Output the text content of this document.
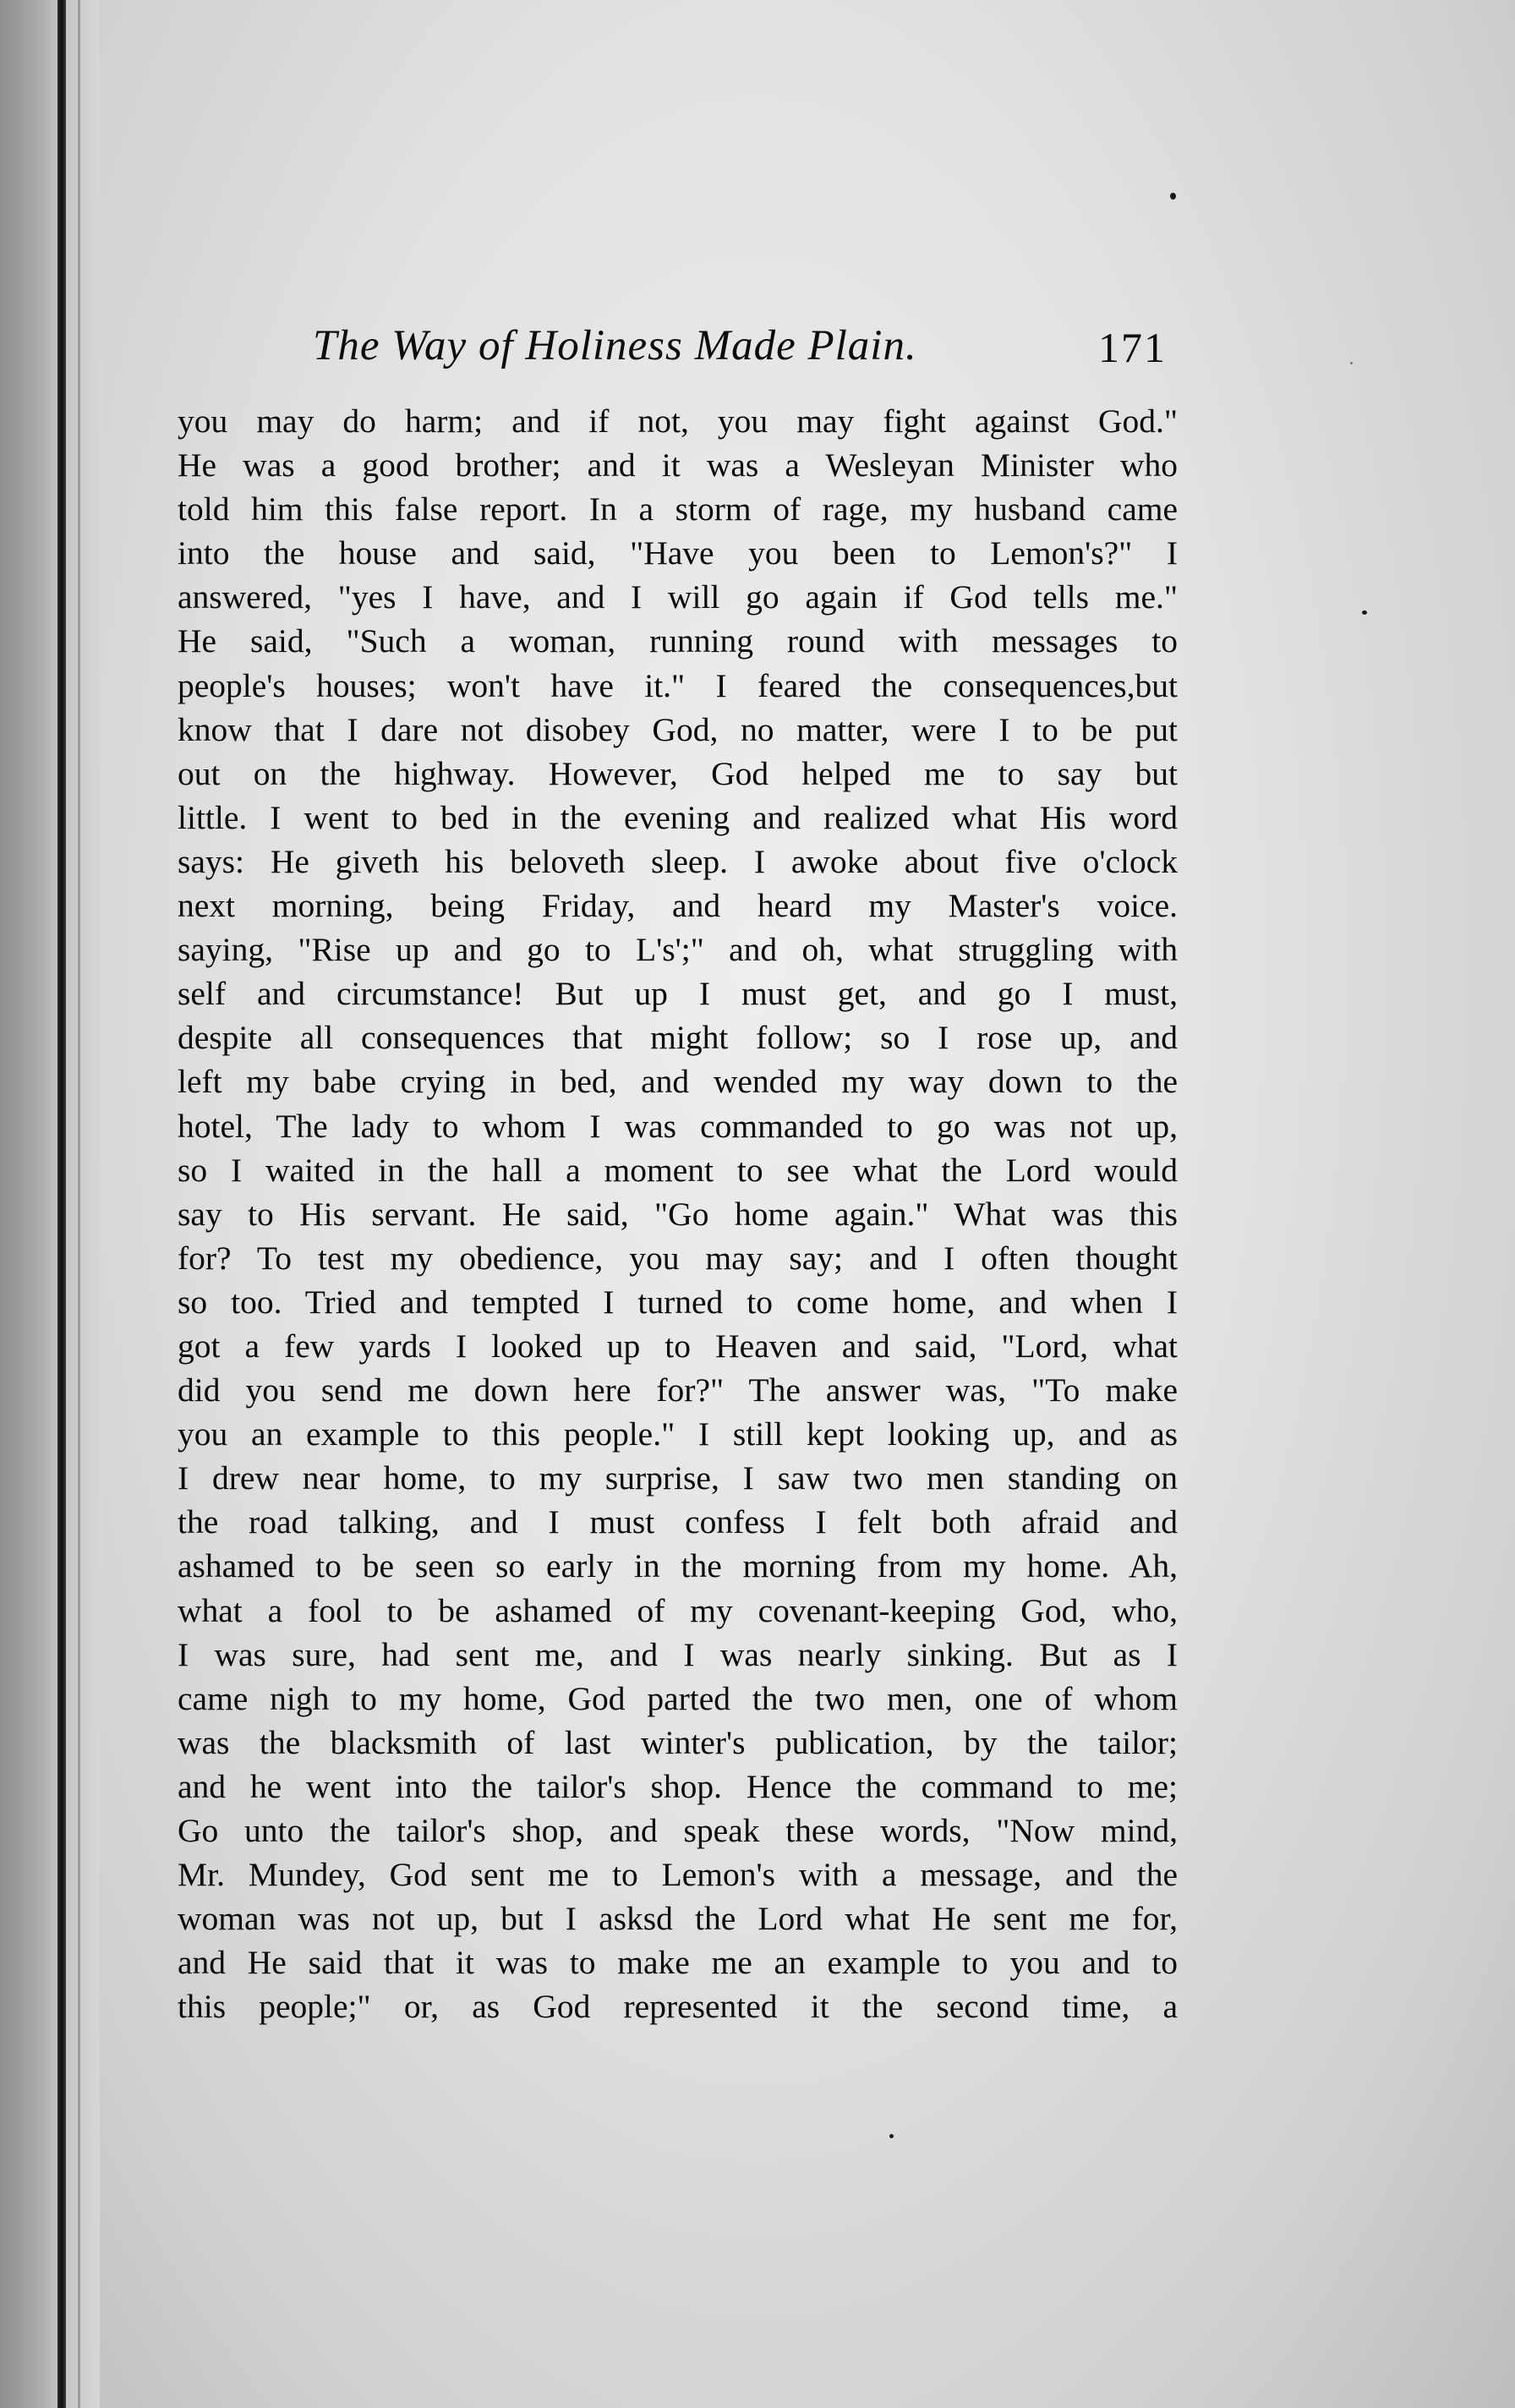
The Way of Holiness Made Plain.	171
you may do harm; and if not, you may fight against God."
He was a good brother; and it was a Wesleyan Minister who
told him this false report. In a storm of rage, my husband came
into the house and said, "Have you been to Lemon's?" I
answered, "yes I have, and I will go again if God tells me."
He said, "Such a woman, running round with messages to
people's houses; won't have it." I feared the consequences,but
know that I dare not disobey God, no matter, were I to be put
out on the highway. However, God helped me to say but
little. I went to bed in the evening and realized what His word
says: He giveth his beloveth sleep. I awoke about five o'clock
next morning, being Friday, and heard my Master's voice.
saying, "Rise up and go to L's';" and oh, what struggling with
self and circumstance! But up I must get, and go I must,
despite all consequences that might follow; so I rose up, and
left my babe crying in bed, and wended my way down to the
hotel, The lady to whom I was commanded to go was not up,
so I waited in the hall a moment to see what the Lord would
say to His servant. He said, "Go home again." What was this
for? To test my obedience, you may say; and I often thought
so too. Tried and tempted I turned to come home, and when I
got a few yards I looked up to Heaven and said, "Lord, what
did you send me down here for?" The answer was, "To make
you an example to this people." I still kept looking up, and as
I drew near home, to my surprise, I saw two men standing on
the road talking, and I must confess I felt both afraid and
ashamed to be seen so early in the morning from my home. Ah,
what a fool to be ashamed of my covenant-keeping God, who,
I was sure, had sent me, and I was nearly sinking. But as I
came nigh to my home, God parted the two men, one of whom
was the blacksmith of last winter's publication, by the tailor;
and he went into the tailor's shop. Hence the command to me;
Go unto the tailor's shop, and speak these words, "Now mind,
Mr. Mundey, God sent me to Lemon's with a message, and the
woman was not up, but I asksd the Lord what He sent me for,
and He said that it was to make me an example to you and to
this people;" or, as God represented it the second time, a
